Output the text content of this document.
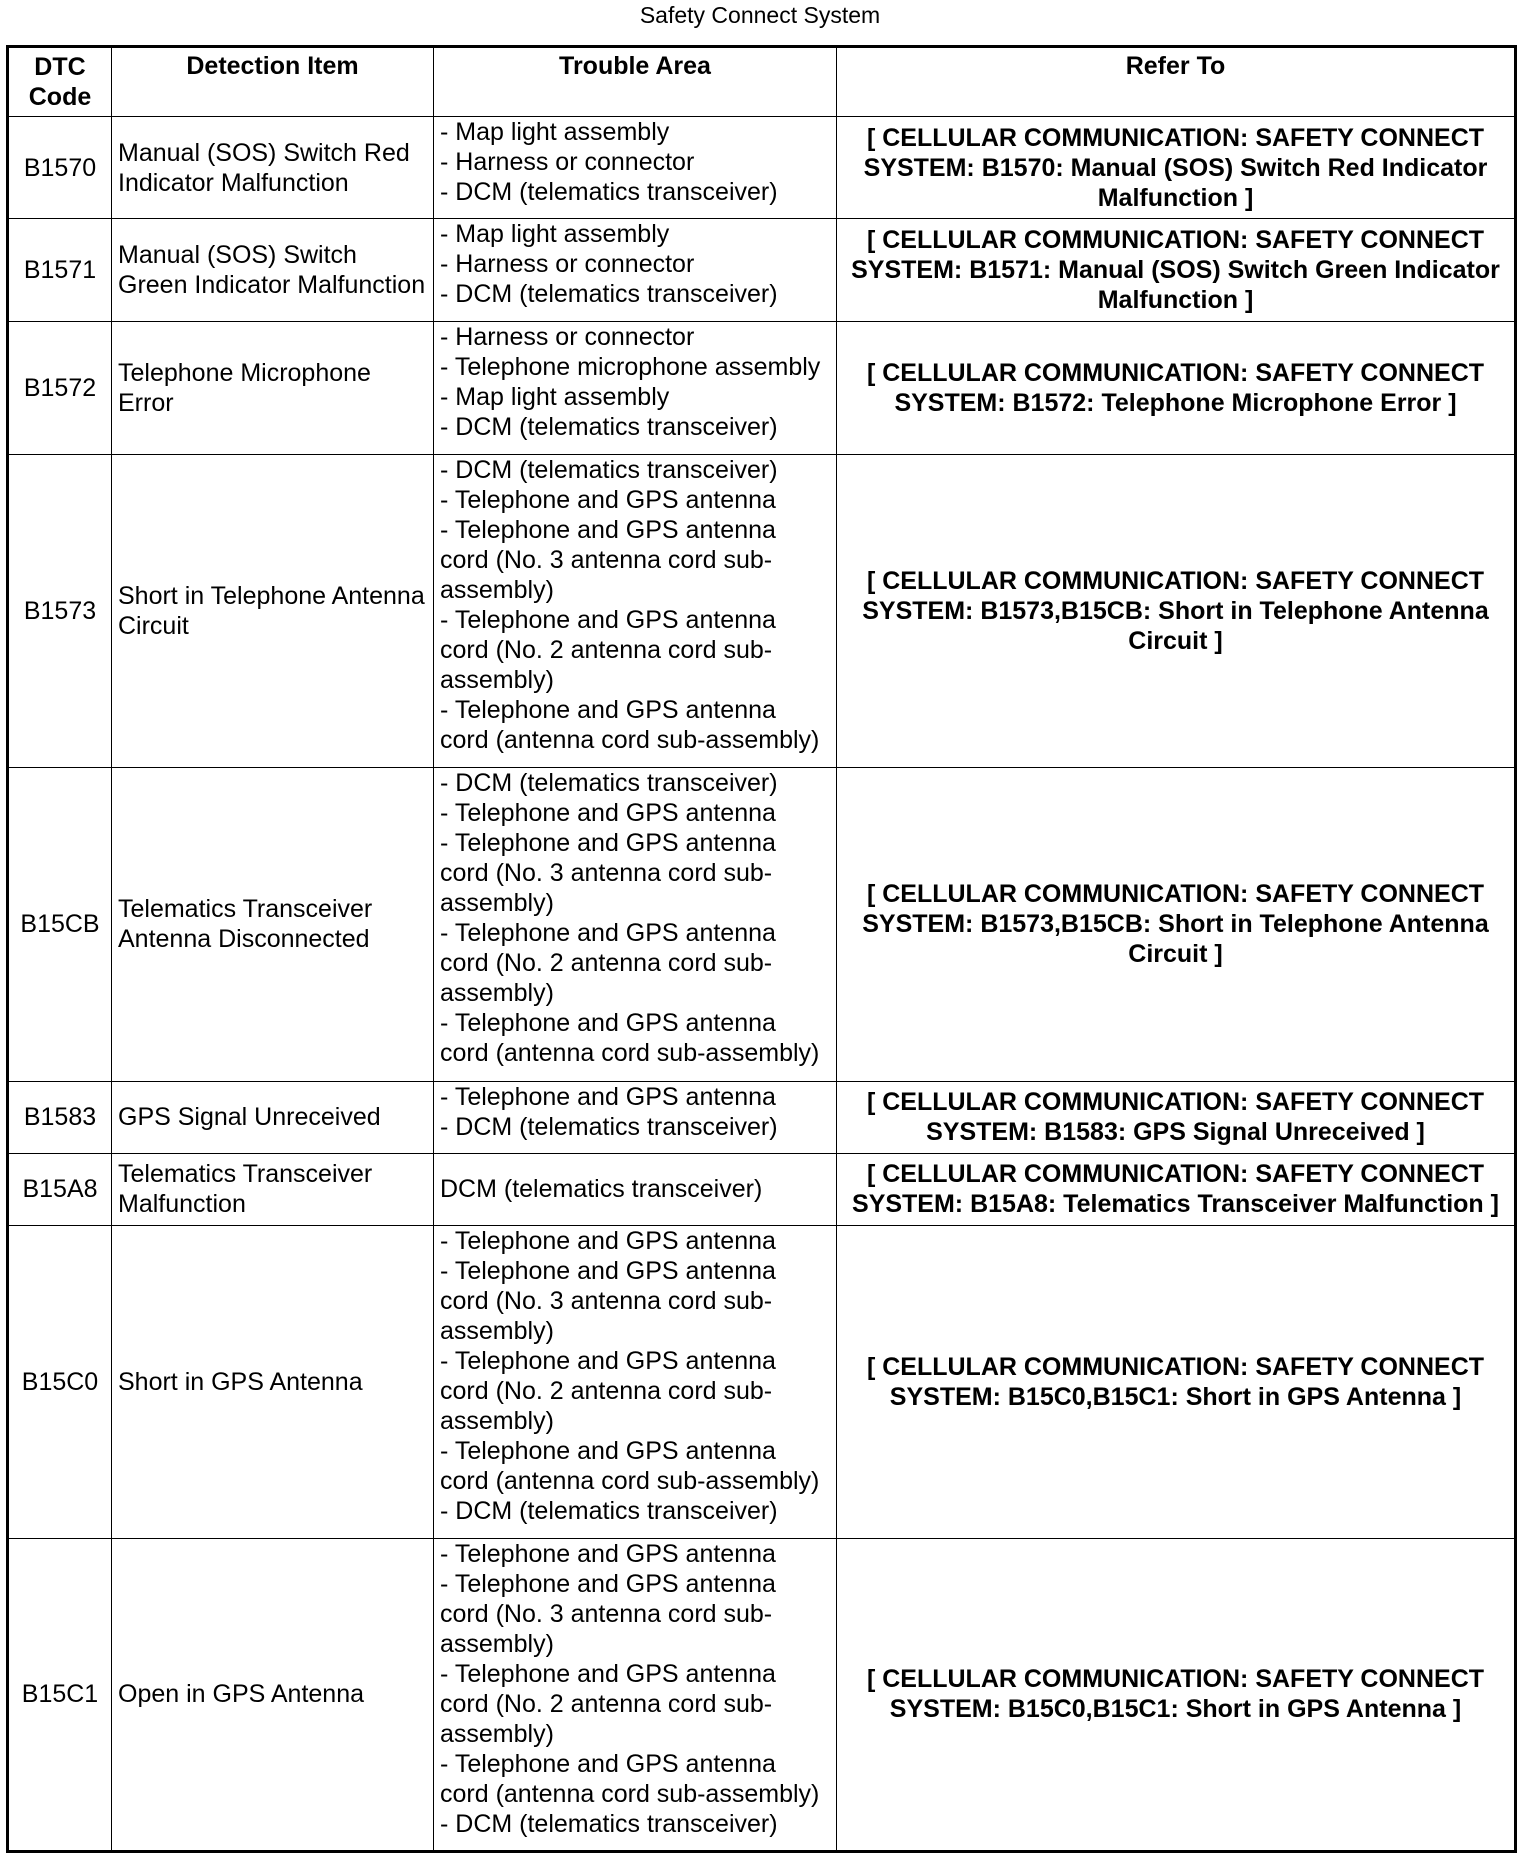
Safety Connect System
DTC
Code	Detection Item	Trouble Area	Refer To
B1570	Manual (SOS) Switch Red Indicator Malfunction	- Map light assembly
- Harness or connector
- DCM (telematics transceiver)	[ CELLULAR COMMUNICATION: SAFETY CONNECT SYSTEM: B1570: Manual (SOS) Switch Red Indicator Malfunction ]
B1571	Manual (SOS) Switch Green Indicator Malfunction	- Map light assembly
- Harness or connector
- DCM (telematics transceiver)	[ CELLULAR COMMUNICATION: SAFETY CONNECT SYSTEM: B1571: Manual (SOS) Switch Green Indicator Malfunction ]
B1572	Telephone Microphone Error	- Harness or connector
- Telephone microphone assembly
- Map light assembly
- DCM (telematics transceiver)	[ CELLULAR COMMUNICATION: SAFETY CONNECT SYSTEM: B1572: Telephone Microphone Error ]
B1573	Short in Telephone Antenna Circuit	- DCM (telematics transceiver)
- Telephone and GPS antenna
- Telephone and GPS antenna cord (No. 3 antenna cord sub-assembly)
- Telephone and GPS antenna cord (No. 2 antenna cord sub-assembly)
- Telephone and GPS antenna cord (antenna cord sub-assembly)	[ CELLULAR COMMUNICATION: SAFETY CONNECT SYSTEM: B1573,B15CB: Short in Telephone Antenna Circuit ]
B15CB	Telematics Transceiver Antenna Disconnected	- DCM (telematics transceiver)
- Telephone and GPS antenna
- Telephone and GPS antenna cord (No. 3 antenna cord sub-assembly)
- Telephone and GPS antenna cord (No. 2 antenna cord sub-assembly)
- Telephone and GPS antenna cord (antenna cord sub-assembly)	[ CELLULAR COMMUNICATION: SAFETY CONNECT SYSTEM: B1573,B15CB: Short in Telephone Antenna Circuit ]
B1583	GPS Signal Unreceived	- Telephone and GPS antenna
- DCM (telematics transceiver)	[ CELLULAR COMMUNICATION: SAFETY CONNECT SYSTEM: B1583: GPS Signal Unreceived ]
B15A8	Telematics Transceiver Malfunction	DCM (telematics transceiver)	[ CELLULAR COMMUNICATION: SAFETY CONNECT SYSTEM: B15A8: Telematics Transceiver Malfunction ]
B15C0	Short in GPS Antenna	- Telephone and GPS antenna
- Telephone and GPS antenna cord (No. 3 antenna cord sub-assembly)
- Telephone and GPS antenna cord (No. 2 antenna cord sub-assembly)
- Telephone and GPS antenna cord (antenna cord sub-assembly)
- DCM (telematics transceiver)	[ CELLULAR COMMUNICATION: SAFETY CONNECT SYSTEM: B15C0,B15C1: Short in GPS Antenna ]
B15C1	Open in GPS Antenna	- Telephone and GPS antenna
- Telephone and GPS antenna cord (No. 3 antenna cord sub-assembly)
- Telephone and GPS antenna cord (No. 2 antenna cord sub-assembly)
- Telephone and GPS antenna cord (antenna cord sub-assembly)
- DCM (telematics transceiver)	[ CELLULAR COMMUNICATION: SAFETY CONNECT SYSTEM: B15C0,B15C1: Short in GPS Antenna ]
